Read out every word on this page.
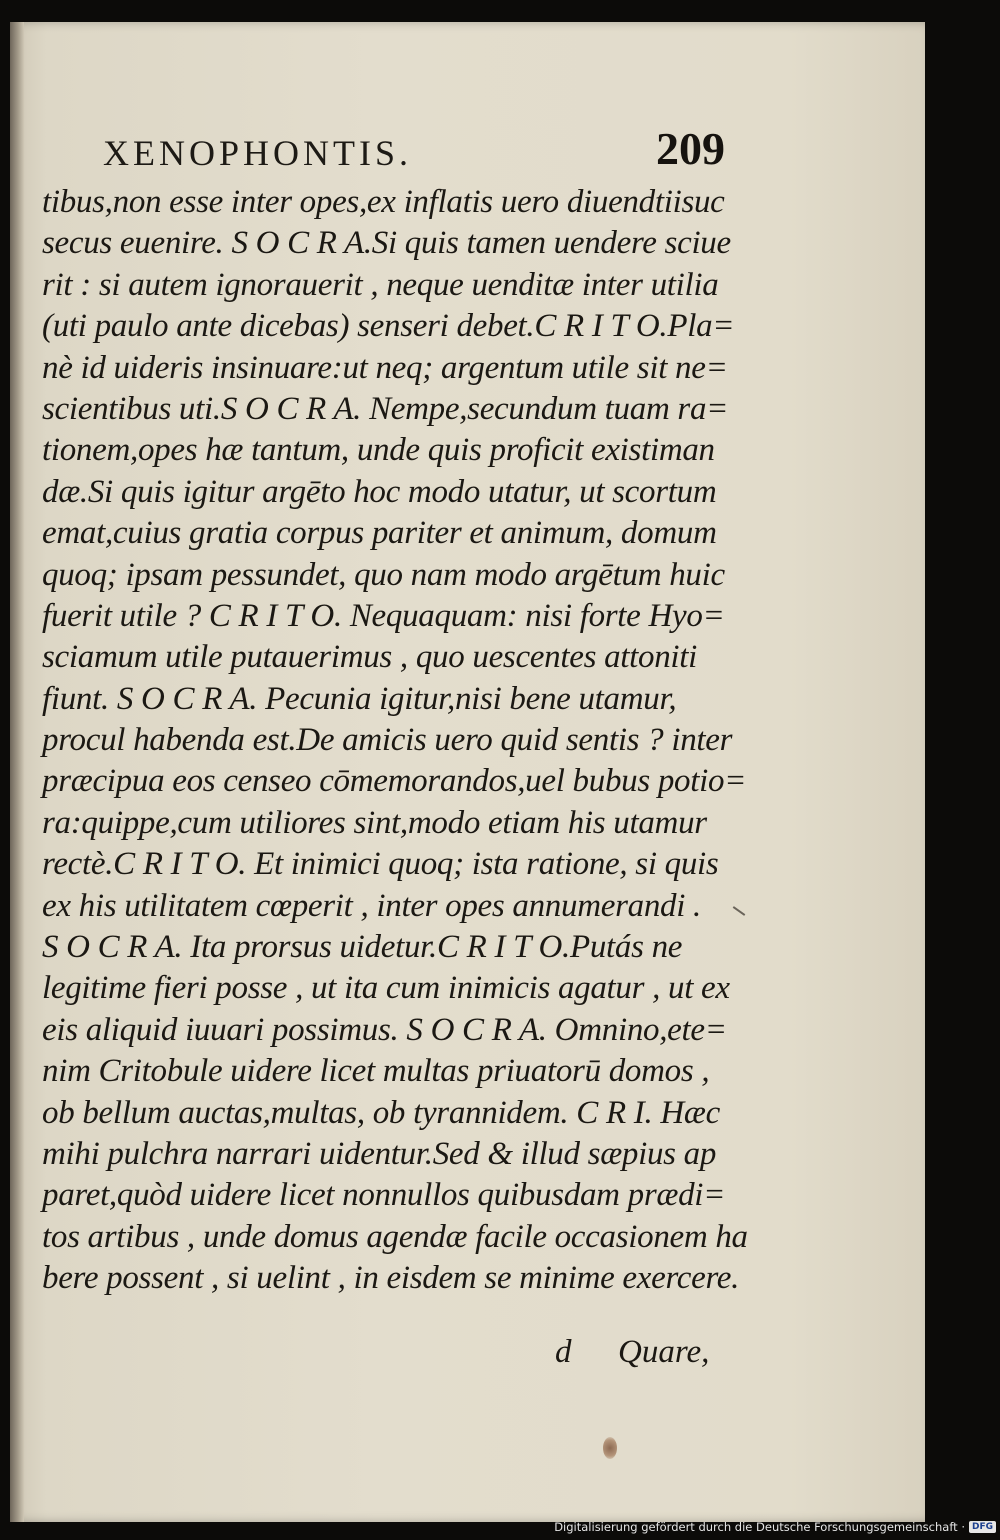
XENOPHONTIS.	209
tibus,non esse inter opes,ex inflatis uero diuendtiisuc
secus euenire. S O C R A.Si quis tamen uendere sciue
rit : si autem ignorauerit , neque uenditæ inter utilia
(uti paulo ante dicebas) senseri debet.C R I T O.Pla=
nè id uideris insinuare:ut neq; argentum utile sit ne=
scientibus uti.S O C R A. Nempe,secundum tuam ra=
tionem,opes hæ tantum, unde quis proficit existiman
dæ.Si quis igitur argēto hoc modo utatur, ut scortum
emat,cuius gratia corpus pariter et animum, domum
quoq; ipsam pessundet, quo nam modo argētum huic
fuerit utile ? C R I T O. Nequaquam: nisi forte Hyo=
sciamum utile putauerimus , quo uescentes attoniti
fiunt. S O C R A. Pecunia igitur,nisi bene utamur,
procul habenda est.De amicis uero quid sentis ? inter
præcipua eos censeo cōmemorandos,uel bubus potio=
ra:quippe,cum utiliores sint,modo etiam his utamur
rectè.C R I T O. Et inimici quoq; ista ratione, si quis
ex his utilitatem cœperit , inter opes annumerandi .
S O C R A. Ita prorsus uidetur.C R I T O.Putás ne
legitime fieri posse , ut ita cum inimicis agatur , ut ex
eis aliquid iuuari possimus. S O C R A. Omnino,ete=
nim Critobule uidere licet multas priuatorū domos ,
ob bellum auctas,multas, ob tyrannidem. C R I. Hæc
mihi pulchra narrari uidentur.Sed & illud sæpius ap
paret,quòd uidere licet nonnullos quibusdam prædi=
tos artibus , unde domus agendæ facile occasionem ha
bere possent , si uelint , in eisdem se minime exercere.
d Quare,
Digitalisierung gefördert durch die Deutsche Forschungsgemeinschaft · DFG
